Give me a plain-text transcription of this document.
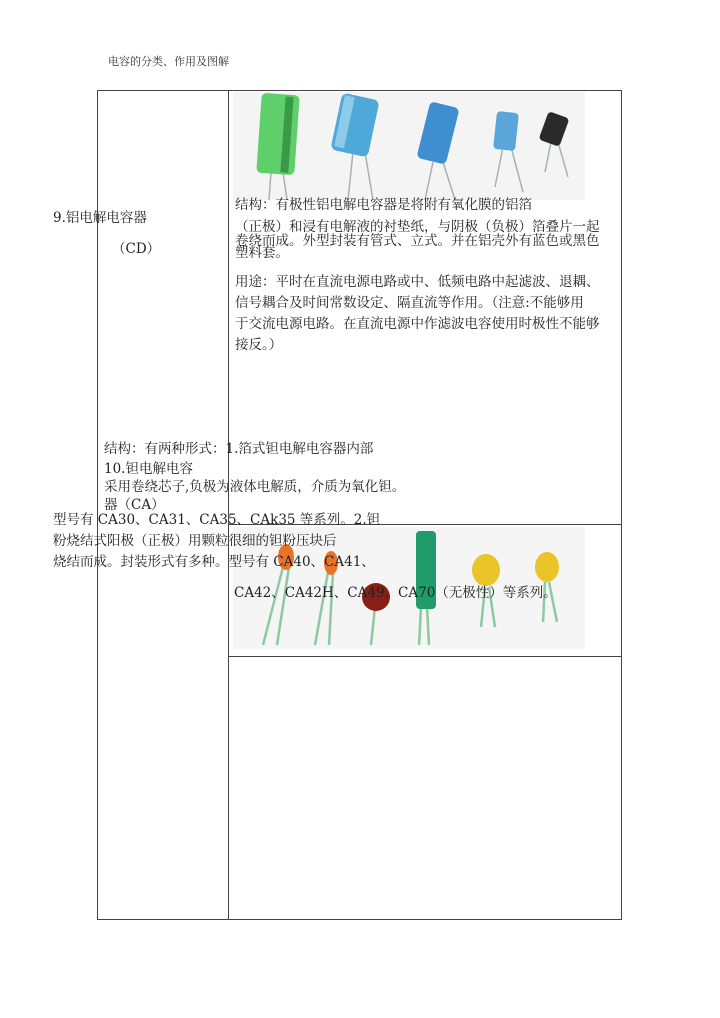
电容的分类、作用及图解
9.铝电解电容器
（CD）
结构：有极性铝电解电容器是将附有氧化膜的铝箔
（正极）和浸有电解液的衬垫纸，与阴极（负极）箔叠片一起
卷绕而成。外型封装有管式、立式。并在铝壳外有蓝色或黑色
塑料套。
用途：平时在直流电源电路或中、低频电路中起滤波、退耦、
信号耦合及时间常数设定、隔直流等作用。（注意:不能够用
于交流电源电路。在直流电源中作滤波电容使用时极性不能够
接反。）
结构：有两种形式：1.箔式钽电解电容器内部
10.钽电解电容
采用卷绕芯子,负极为液体电解质，介质为氧化钽。
器（CA）
型号有 CA30、CA31、CA35、CAk35 等系列。2.钽
粉烧结式阳极（正极）用颗粒很细的钽粉压块后
烧结而成。封装形式有多种。型号有 CA40、CA41、
CA42、CA42H、CA49、CA70（无极性）等系列。
